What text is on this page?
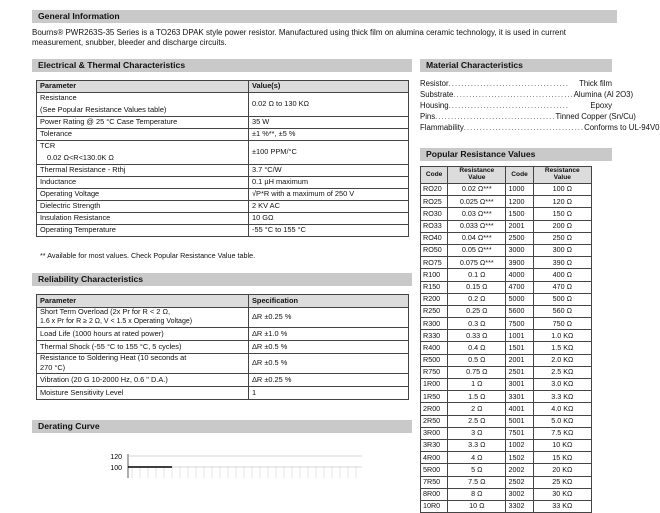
General Information
Bourns® PWR263S-35 Series is a TO263 DPAK style power resistor. Manufactured using thick film on alumina ceramic technology, it is used in current measurement, snubber, bleeder and discharge circuits.
Electrical & Thermal Characteristics
Parameter	Value(s)
Resistance	0.02 Ω to 130 KΩ
(See Popular Resistance Values table)	
Power Rating @ 25 °C Case Temperature	35 W
Tolerance	±1 %**, ±5 %
TCR	±100 PPM/°C
0.02 Ω<R<130.0K Ω	
Thermal Resistance - Rthj	3.7 °C/W
Inductance	0.1 µH maximum
Operating Voltage	√P*R with a maximum of 250 V
Dielectric Strength	2 KV AC
Insulation Resistance	10 GΩ
Operating Temperature	-55 °C to 155 °C
** Available for most values. Check Popular Resistance Value table.
Reliability Characteristics
Parameter	Specification
Short Term Overload (2x Pr for R < 2 Ω,	ΔR ±0.25 %
1.6 x Pr for R ≥ 2 Ω, V < 1.5 x Operating Voltage)	
Load Life (1000 hours at rated power)	ΔR ±1.0 %
Thermal Shock (-55 °C to 155 °C, 5 cycles)	ΔR ±0.5 %
Resistance to Soldering Heat (10 seconds at	ΔR ±0.5 %
270 °C)	
Vibration (20 G 10-2000 Hz, 0.6 " D.A.)	ΔR ±0.25 %
Moisture Sensitivity Level	1
Derating Curve
120
100
Material Characteristics
Resistor ......................................	Thick film
Substrate ...................................... Alumina (Al 2O3)
Housing ......................................	Epoxy
Pins ...................................... Tinned Copper (Sn/Cu)
Flammability ...................................... Conforms to UL-94V0
Popular Resistance Values
Code	Resistance Value	Code	Resistance Value
RO20	0.02 Ω***	1000	100 Ω
RO25	0.025 Ω***	1200	120 Ω
RO30	0.03 Ω***	1500	150 Ω
RO33	0.033 Ω***	2001	200 Ω
RO40	0.04 Ω***	2500	250 Ω
RO50	0.05 Ω***	3000	300 Ω
RO75	0.075 Ω***	3900	390 Ω
R100	0.1 Ω	4000	400 Ω
R150	0.15 Ω	4700	470 Ω
R200	0.2 Ω	5000	500 Ω
R250	0.25 Ω	5600	560 Ω
R300	0.3 Ω	7500	750 Ω
R330	0.33 Ω	1001	1.0 KΩ
R400	0.4 Ω	1501	1.5 KΩ
R500	0.5 Ω	2001	2.0 KΩ
R750	0.75 Ω	2501	2.5 KΩ
1R00	1 Ω	3001	3.0 KΩ
1R50	1.5 Ω	3301	3.3 KΩ
2R00	2 Ω	4001	4.0 KΩ
2R50	2.5 Ω	5001	5.0 KΩ
3R00	3 Ω	7501	7.5 KΩ
3R30	3.3 Ω	1002	10 KΩ
4R00	4 Ω	1502	15 KΩ
5R00	5 Ω	2002	20 KΩ
7R50	7.5 Ω	2502	25 KΩ
8R00	8 Ω	3002	30 KΩ
10R0	10 Ω	3302	33 KΩ
